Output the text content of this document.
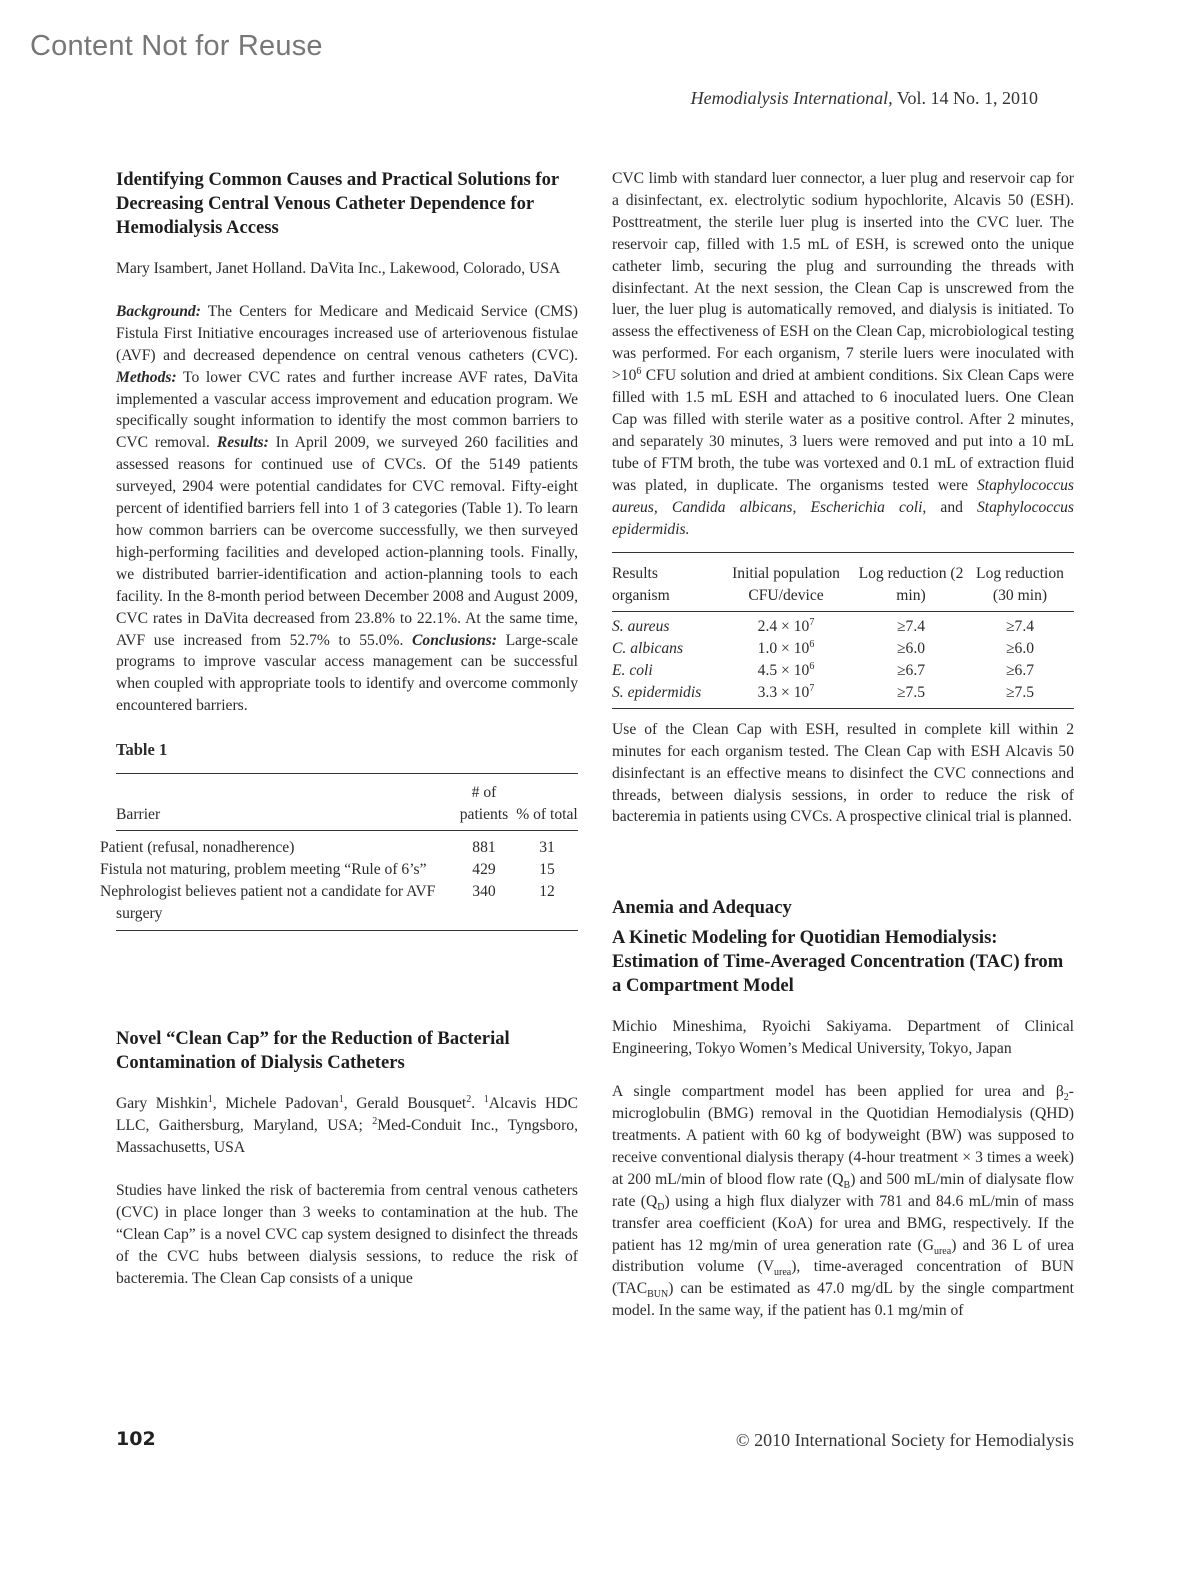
Content Not for Reuse
Hemodialysis International, Vol. 14 No. 1, 2010
Identifying Common Causes and Practical Solutions for Decreasing Central Venous Catheter Dependence for Hemodialysis Access

Mary Isambert, Janet Holland. DaVita Inc., Lakewood, Colorado, USA

Background: The Centers for Medicare and Medicaid Service (CMS) Fistula First Initiative encourages increased use of arteriovenous fistulae (AVF) and decreased dependence on central venous catheters (CVC). Methods: To lower CVC rates and further increase AVF rates, DaVita implemented a vascular access improvement and education program. We specifically sought information to identify the most common barriers to CVC removal. Results: In April 2009, we surveyed 260 facilities and assessed reasons for continued use of CVCs. Of the 5149 patients surveyed, 2904 were potential candidates for CVC removal. Fifty-eight percent of identified barriers fell into 1 of 3 categories (Table 1). To learn how common barriers can be overcome successfully, we then surveyed high-performing facilities and developed action-planning tools. Finally, we distributed barrier-identification and action-planning tools to each facility. In the 8-month period between December 2008 and August 2009, CVC rates in DaVita decreased from 23.8% to 22.1%. At the same time, AVF use increased from 52.7% to 55.0%. Conclusions: Large-scale programs to improve vascular access management can be successful when coupled with appropriate tools to identify and overcome commonly encountered barriers.

Table 1
Barrier	# of patients	% of total
Patient (refusal, nonadherence)	881	31
Fistula not maturing, problem meeting “Rule of 6’s”	429	15
Nephrologist believes patient not a candidate for AVF surgery	340	12
Novel “Clean Cap” for the Reduction of Bacterial Contamination of Dialysis Catheters

Gary Mishkin$^1$, Michele Padovan$^1$, Gerald Bousquet$^2$. $^1$Alcavis HDC LLC, Gaithersburg, Maryland, USA; $^2$Med-Conduit Inc., Tyngsboro, Massachusetts, USA

Studies have linked the risk of bacteremia from central venous catheters (CVC) in place longer than 3 weeks to contamination at the hub. The “Clean Cap” is a novel CVC cap system designed to disinfect the threads of the CVC hubs between dialysis sessions, to reduce the risk of bacteremia. The Clean Cap consists of a unique

CVC limb with standard luer connector, a luer plug and reservoir cap for a disinfectant, ex. electrolytic sodium hypochlorite, Alcavis 50 (ESH). Posttreatment, the sterile luer plug is inserted into the CVC luer. The reservoir cap, filled with 1.5 mL of ESH, is screwed onto the unique catheter limb, securing the plug and surrounding the threads with disinfectant. At the next session, the Clean Cap is unscrewed from the luer, the luer plug is automatically removed, and dialysis is initiated. To assess the effectiveness of ESH on the Clean Cap, microbiological testing was performed. For each organism, 7 sterile luers were inoculated with $>10^6$ CFU solution and dried at ambient conditions. Six Clean Caps were filled with 1.5 mL ESH and attached to 6 inoculated luers. One Clean Cap was filled with sterile water as a positive control. After 2 minutes, and separately 30 minutes, 3 luers were removed and put into a 10 mL tube of FTM broth, the tube was vortexed and 0.1 mL of extraction fluid was plated, in duplicate. The organisms tested were Staphylococcus aureus, Candida albicans, Escherichia coli, and Staphylococcus epidermidis.

Results organism	Initial population CFU/device	Log reduction (2 min)	Log reduction (30 min)
S. aureus	$2.4 \times 10^7$	≥7.4	≥7.4
C. albicans	$1.0 \times 10^6$	≥6.0	≥6.0
E. coli	$4.5 \times 10^6$	≥6.7	≥6.7
S. epidermidis	$3.3 \times 10^7$	≥7.5	≥7.5

Use of the Clean Cap with ESH, resulted in complete kill within 2 minutes for each organism tested. The Clean Cap with ESH Alcavis 50 disinfectant is an effective means to disinfect the CVC connections and threads, between dialysis sessions, in order to reduce the risk of bacteremia in patients using CVCs. A prospective clinical trial is planned.

Anemia and Adequacy
A Kinetic Modeling for Quotidian Hemodialysis: Estimation of Time-Averaged Concentration (TAC) from a Compartment Model

Michio Mineshima, Ryoichi Sakiyama. Department of Clinical Engineering, Tokyo Women’s Medical University, Tokyo, Japan

A single compartment model has been applied for urea and $\beta_2$-microglobulin (BMG) removal in the Quotidian Hemodialysis (QHD) treatments. A patient with 60 kg of bodyweight (BW) was supposed to receive conventional dialysis therapy (4-hour treatment × 3 times a week) at 200 mL/min of blood flow rate $(Q_B)$ and 500 mL/min of dialysate flow rate $(Q_D)$ using a high flux dialyzer with 781 and 84.6 mL/min of mass transfer area coefficient (KoA) for urea and BMG, respectively. If the patient has 12 mg/min of urea generation rate $(G_{urea})$ and 36 L of urea distribution volume $(V_{urea})$, time-averaged concentration of BUN $(TAC_{BUN})$ can be estimated as 47.0 mg/dL by the single compartment model. In the same way, if the patient has 0.1 mg/min of

102	© 2010 International Society for Hemodialysis
